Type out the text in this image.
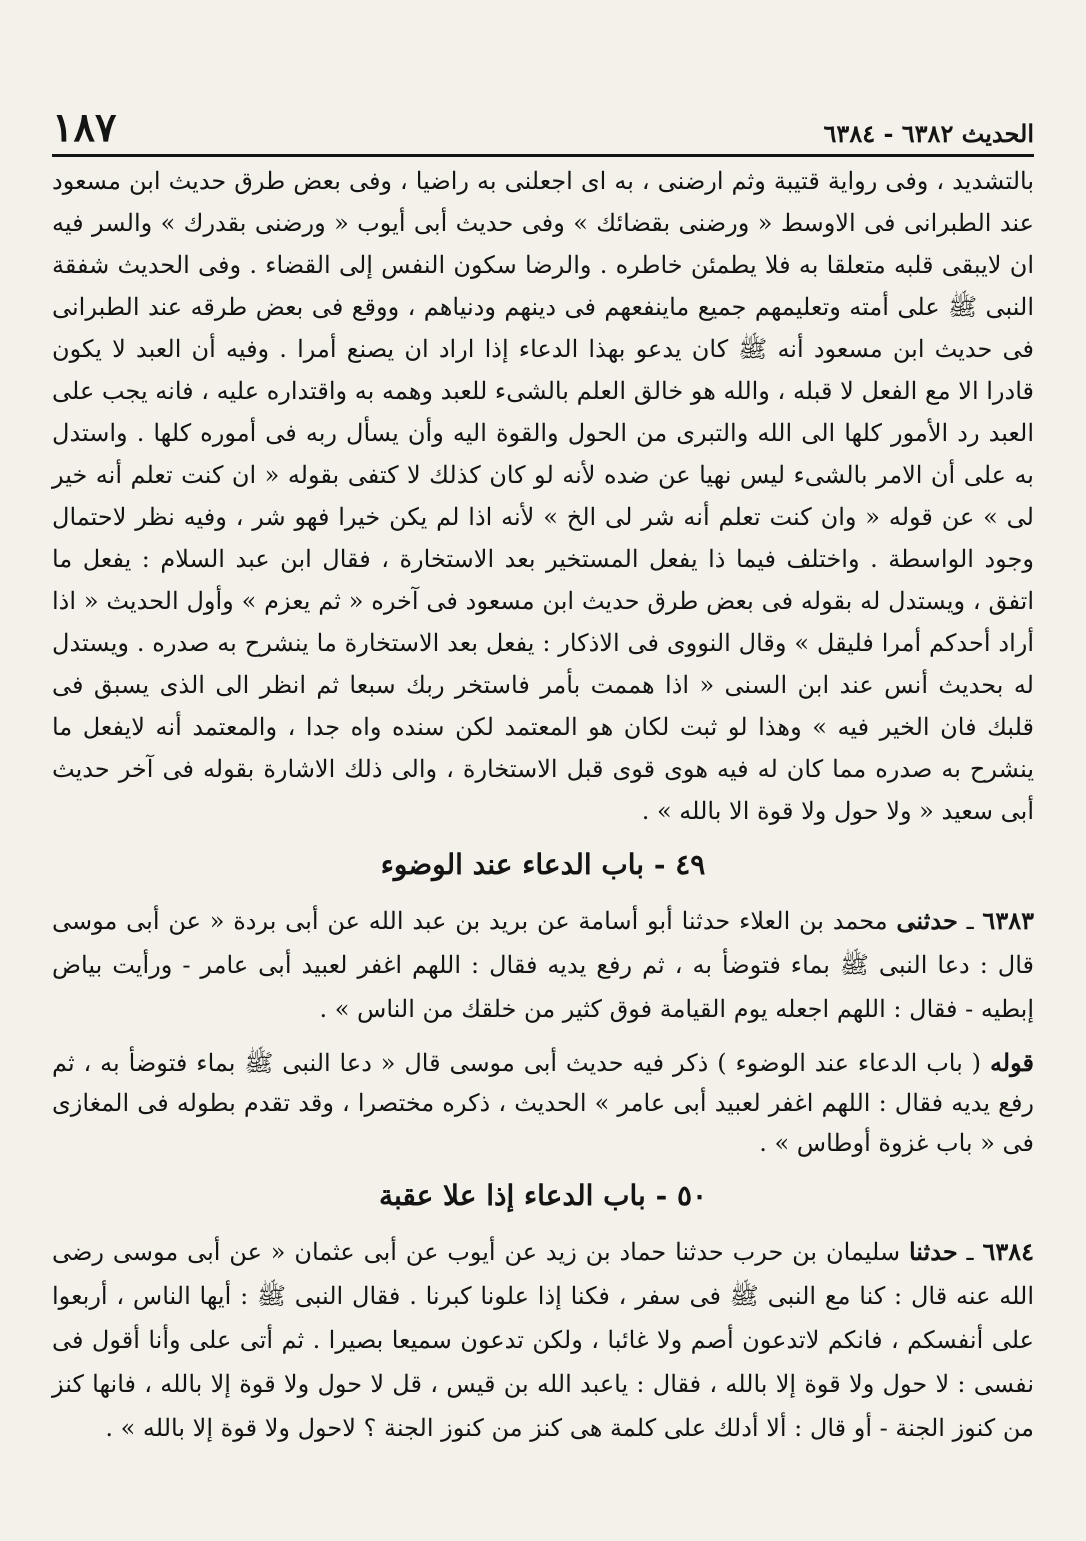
الحديث ٦٣٨٢ - ٦٣٨٤
١٨٧

بالتشديد ، وفى رواية قتيبة وثم ارضنى ، به اى اجعلنى به راضيا ، وفى بعض طرق حديث ابن مسعود عند الطبرانى فى الاوسط « ورضنى بقضائك » وفى حديث أبى أيوب « ورضنى بقدرك » والسر فيه ان لايبقى قلبه متعلقا به فلا يطمئن خاطره . والرضا سكون النفس إلى القضاء . وفى الحديث شفقة النبى ﷺ على أمته وتعليمهم جميع ماينفعهم فى دينهم ودنياهم ، ووقع فى بعض طرقه عند الطبرانى فى حديث ابن مسعود أنه ﷺ كان يدعو بهذا الدعاء إذا اراد ان يصنع أمرا . وفيه أن العبد لا يكون قادرا الا مع الفعل لا قبله ، والله هو خالق العلم بالشىء للعبد وهمه به واقتداره عليه ، فانه يجب على العبد رد الأمور كلها الى الله والتبرى من الحول والقوة اليه وأن يسأل ربه فى أموره كلها . واستدل به على أن الامر بالشىء ليس نهيا عن ضده لأنه لو كان كذلك لا كتفى بقوله « ان كنت تعلم أنه خير لى » عن قوله « وان كنت تعلم أنه شر لى الخ » لأنه اذا لم يكن خيرا فهو شر ، وفيه نظر لاحتمال وجود الواسطة . واختلف فيما ذا يفعل المستخير بعد الاستخارة ، فقال ابن عبد السلام : يفعل ما اتفق ، ويستدل له بقوله فى بعض طرق حديث ابن مسعود فى آخره « ثم يعزم » وأول الحديث « اذا أراد أحدكم أمرا فليقل » وقال النووى فى الاذكار : يفعل بعد الاستخارة ما ينشرح به صدره . ويستدل له بحديث أنس عند ابن السنى « اذا هممت بأمر فاستخر ربك سبعا ثم انظر الى الذى يسبق فى قلبك فان الخير فيه » وهذا لو ثبت لكان هو المعتمد لكن سنده واه جدا ، والمعتمد أنه لايفعل ما ينشرح به صدره مما كان له فيه هوى قوى قبل الاستخارة ، والى ذلك الاشارة بقوله فى آخر حديث أبى سعيد « ولا حول ولا قوة الا بالله » .

٤٩ - باب الدعاء عند الوضوء

٦٣٨٣ ـ حدثنى محمد بن العلاء حدثنا أبو أسامة عن بريد بن عبد الله عن أبى بردة « عن أبى موسى قال : دعا النبى ﷺ بماء فتوضأ به ، ثم رفع يديه فقال : اللهم اغفر لعبيد أبى عامر - ورأيت بياض إبطيه - فقال : اللهم اجعله يوم القيامة فوق كثير من خلقك من الناس » .

قوله ( باب الدعاء عند الوضوء ) ذكر فيه حديث أبى موسى قال « دعا النبى ﷺ بماء فتوضأ به ، ثم رفع يديه فقال : اللهم اغفر لعبيد أبى عامر » الحديث ، ذكره مختصرا ، وقد تقدم بطوله فى المغازى فى « باب غزوة أوطاس » .

٥٠ - باب الدعاء إذا علا عقبة

٦٣٨٤ ـ حدثنا سليمان بن حرب حدثنا حماد بن زيد عن أيوب عن أبى عثمان « عن أبى موسى رضى الله عنه قال : كنا مع النبى ﷺ فى سفر ، فكنا إذا علونا كبرنا . فقال النبى ﷺ : أيها الناس ، أربعوا على أنفسكم ، فانكم لاتدعون أصم ولا غائبا ، ولكن تدعون سميعا بصيرا . ثم أتى على وأنا أقول فى نفسى : لا حول ولا قوة إلا بالله ، فقال : ياعبد الله بن قيس ، قل لا حول ولا قوة إلا بالله ، فانها كنز من كنوز الجنة - أو قال : ألا أدلك على كلمة هى كنز من كنوز الجنة ؟ لاحول ولا قوة إلا بالله » .
